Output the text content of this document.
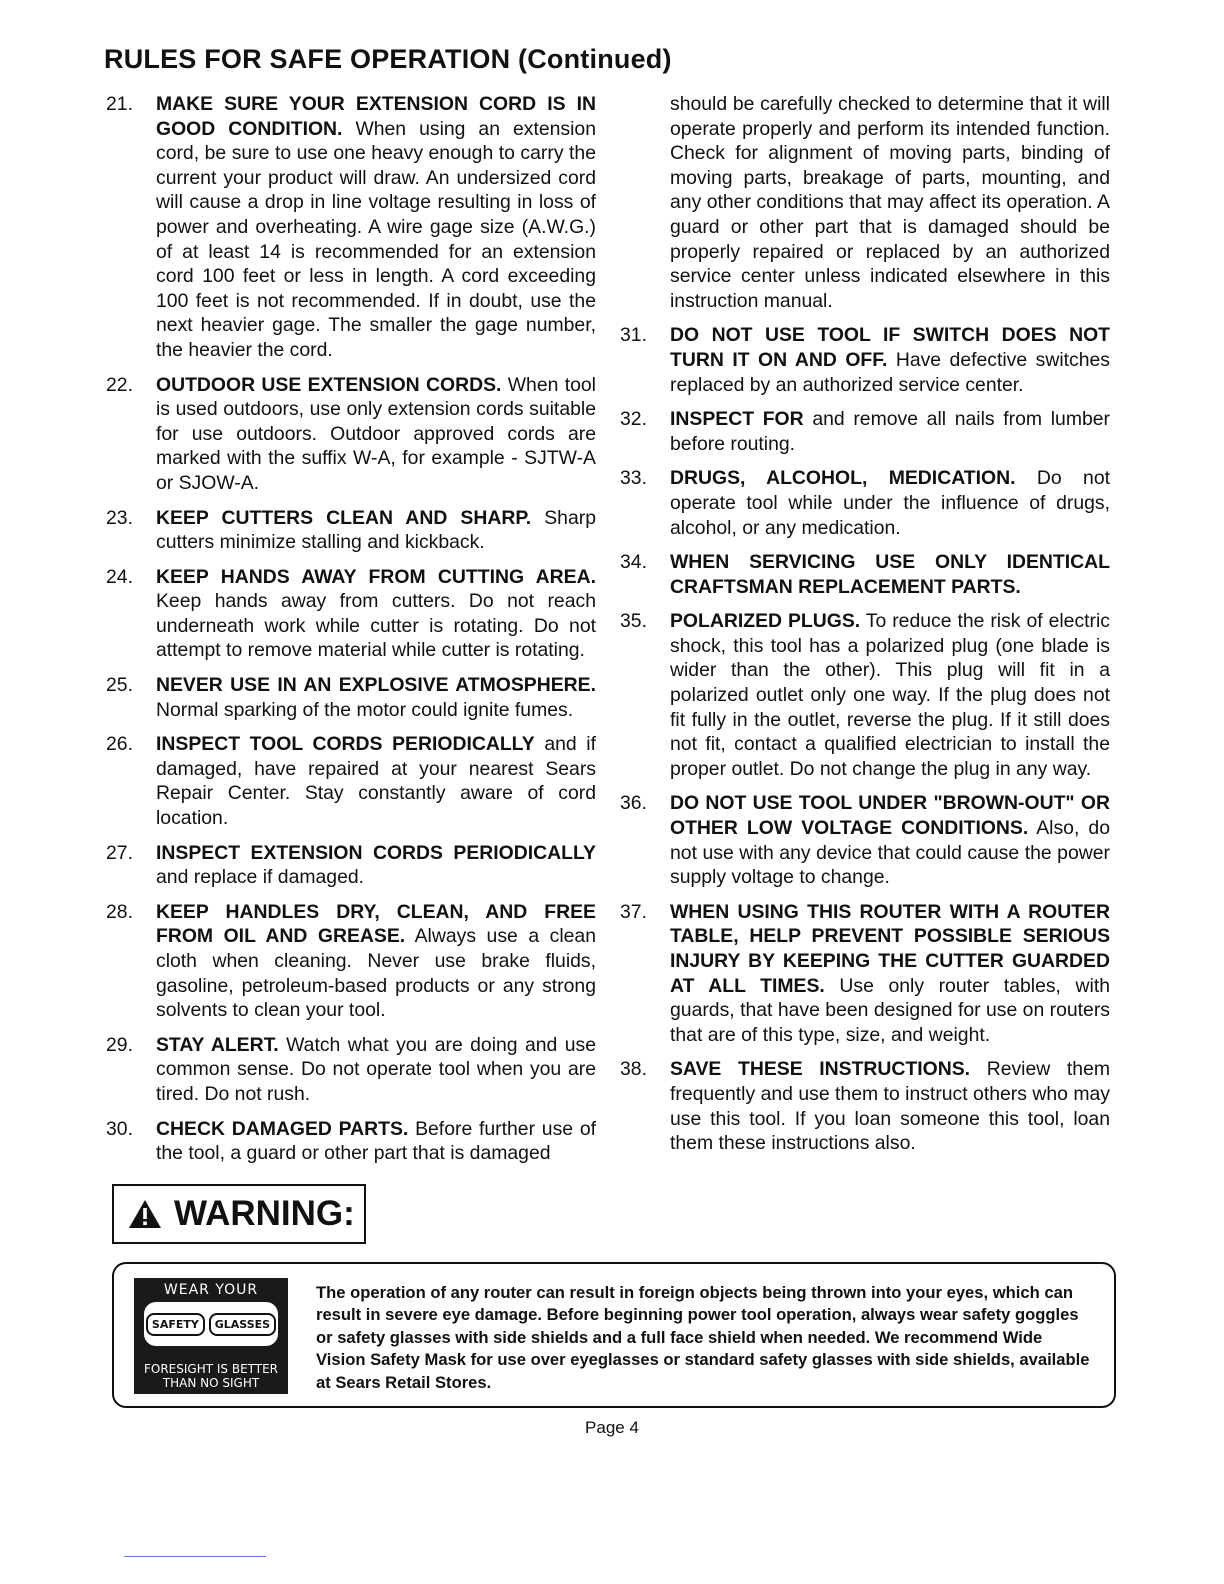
RULES FOR SAFE OPERATION (Continued)
21.	MAKE SURE YOUR EXTENSION CORD IS IN GOOD CONDITION. When using an extension cord, be sure to use one heavy enough to carry the current your product will draw. An undersized cord will cause a drop in line voltage resulting in loss of power and overheating. A wire gage size (A.W.G.) of at least 14 is recommended for an extension cord 100 feet or less in length. A cord exceeding 100 feet is not recommended. If in doubt, use the next heavier gage. The smaller the gage number, the heavier the cord.
22.	OUTDOOR USE EXTENSION CORDS. When tool is used outdoors, use only extension cords suitable for use outdoors. Outdoor approved cords are marked with the suffix W-A, for example - SJTW-A or SJOW-A.
23.	KEEP CUTTERS CLEAN AND SHARP. Sharp cutters minimize stalling and kickback.
24.	KEEP HANDS AWAY FROM CUTTING AREA. Keep hands away from cutters. Do not reach underneath work while cutter is rotating. Do not attempt to remove material while cutter is rotating.
25.	NEVER USE IN AN EXPLOSIVE ATMOSPHERE. Normal sparking of the motor could ignite fumes.
26.	INSPECT TOOL CORDS PERIODICALLY and if damaged, have repaired at your nearest Sears Repair Center. Stay constantly aware of cord location.
27.	INSPECT EXTENSION CORDS PERIODICALLY and replace if damaged.
28.	KEEP HANDLES DRY, CLEAN, AND FREE FROM OIL AND GREASE. Always use a clean cloth when cleaning. Never use brake fluids, gasoline, petroleum-based products or any strong solvents to clean your tool.
29.	STAY ALERT. Watch what you are doing and use common sense. Do not operate tool when you are tired. Do not rush.
30.	CHECK DAMAGED PARTS. Before further use of the tool, a guard or other part that is damaged
should be carefully checked to determine that it will operate properly and perform its intended function. Check for alignment of moving parts, binding of moving parts, breakage of parts, mounting, and any other conditions that may affect its operation. A guard or other part that is damaged should be properly repaired or replaced by an authorized service center unless indicated elsewhere in this instruction manual.
31.	DO NOT USE TOOL IF SWITCH DOES NOT TURN IT ON AND OFF. Have defective switches replaced by an authorized service center.
32.	INSPECT FOR and remove all nails from lumber before routing.
33.	DRUGS, ALCOHOL, MEDICATION. Do not operate tool while under the influence of drugs, alcohol, or any medication.
34.	WHEN SERVICING USE ONLY IDENTICAL CRAFTSMAN REPLACEMENT PARTS.
35.	POLARIZED PLUGS. To reduce the risk of electric shock, this tool has a polarized plug (one blade is wider than the other). This plug will fit in a polarized outlet only one way. If the plug does not fit fully in the outlet, reverse the plug. If it still does not fit, contact a qualified electrician to install the proper outlet. Do not change the plug in any way.
36.	DO NOT USE TOOL UNDER "BROWN-OUT" OR OTHER LOW VOLTAGE CONDITIONS. Also, do not use with any device that could cause the power supply voltage to change.
37.	WHEN USING THIS ROUTER WITH A ROUTER TABLE, HELP PREVENT POSSIBLE SERIOUS INJURY BY KEEPING THE CUTTER GUARDED AT ALL TIMES. Use only router tables, with guards, that have been designed for use on routers that are of this type, size, and weight.
38.	SAVE THESE INSTRUCTIONS. Review them frequently and use them to instruct others who may use this tool. If you loan someone this tool, loan them these instructions also.
WARNING:
WEAR YOUR
SAFETY	GLASSES
FORESIGHT IS BETTER
THAN NO SIGHT
The operation of any router can result in foreign objects being thrown into your eyes, which can result in severe eye damage. Before beginning power tool operation, always wear safety goggles or safety glasses with side shields and a full face shield when needed. We recommend Wide Vision Safety Mask for use over eyeglasses or standard safety glasses with side shields, available at Sears Retail Stores.
Page 4
